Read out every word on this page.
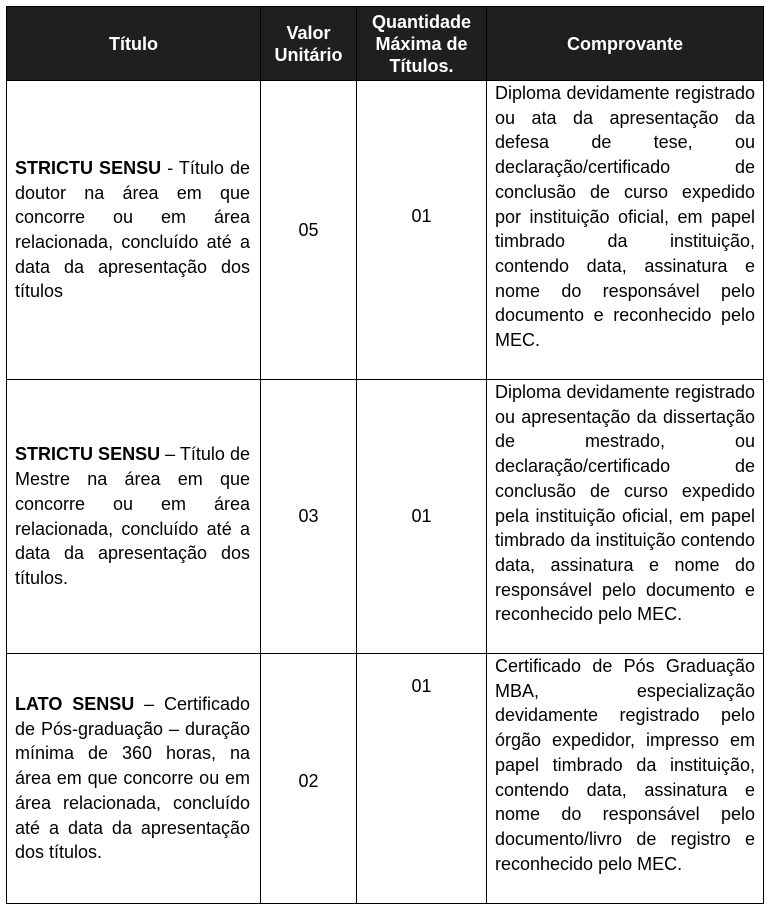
Título	Valor Unitário	Quantidade Máxima de Títulos.	Comprovante
STRICTU SENSU - Título de doutor na área em que concorre ou em área relacionada, concluído até a data da apresentação dos títulos	05	01	Diploma devidamente registrado ou ata da apresentação da defesa de tese, ou declaração/certificado de conclusão de curso expedido por instituição oficial, em papel timbrado da instituição, contendo data, assinatura e nome do responsável pelo documento e reconhecido pelo MEC.
STRICTU SENSU – Título de Mestre na área em que concorre ou em área relacionada, concluído até a data da apresentação dos títulos.	03	01	Diploma devidamente registrado ou apresentação da dissertação de mestrado, ou declaração/certificado de conclusão de curso expedido pela instituição oficial, em papel timbrado da instituição contendo data, assinatura e nome do responsável pelo documento e reconhecido pelo MEC.
LATO SENSU – Certificado de Pós-graduação – duração mínima de 360 horas, na área em que concorre ou em área relacionada, concluído até a data da apresentação dos títulos.	02	01	Certificado de Pós Graduação MBA, especialização devidamente registrado pelo órgão expedidor, impresso em papel timbrado da instituição, contendo data, assinatura e nome do responsável pelo documento/livro de registro e reconhecido pelo MEC.
